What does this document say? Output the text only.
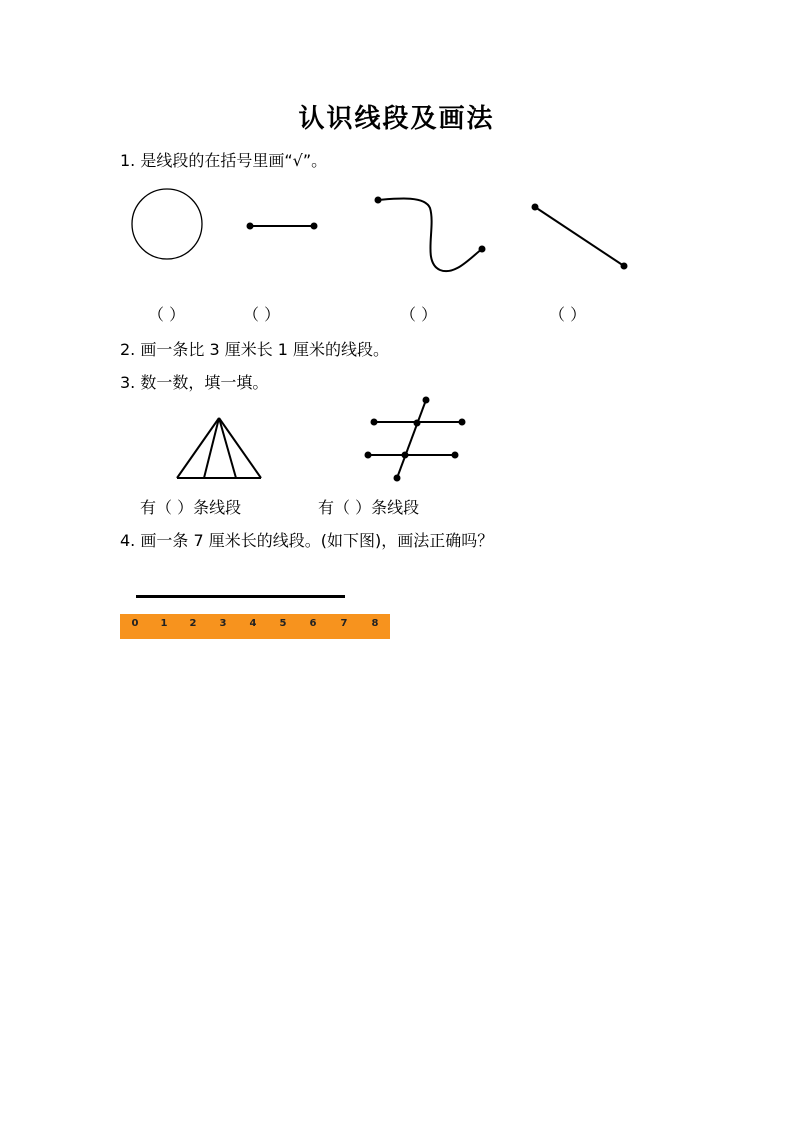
认识线段及画法
1. 是线段的在括号里画“√”。
（ ）	（ ）	（ ）	（ ）
2. 画一条比 3 厘米长 1 厘米的线段。
3. 数一数，填一填。
有（ ）条线段	有（ ）条线段
4. 画一条 7 厘米长的线段。(如下图)，画法正确吗？
0 1 2 3 4 5 6 7 8
